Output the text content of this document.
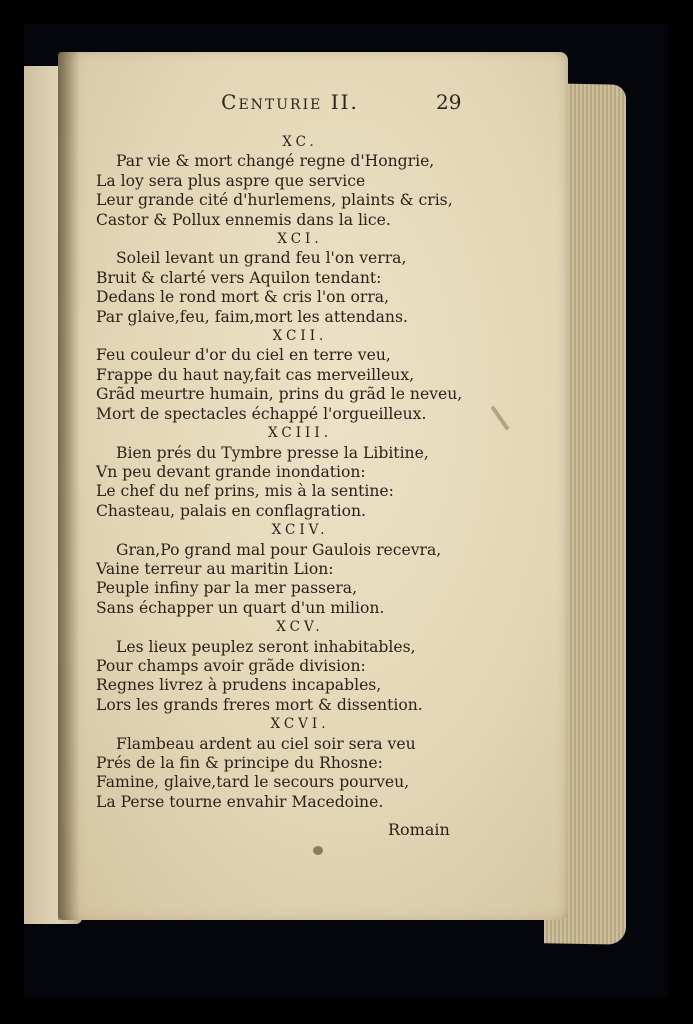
Centurie II.	29
XC.
Par vie & mort changé regne d'Hongrie,
La loy sera plus aspre que service
Leur grande cité d'hurlemens, plaints & cris,
Castor & Pollux ennemis dans la lice.
XCI.
Soleil levant un grand feu l'on verra,
Bruit & clarté vers Aquilon tendant:
Dedans le rond mort & cris l'on orra,
Par glaive,feu, faim,mort les attendans.
XCII.
Feu couleur d'or du ciel en terre veu,
Frappe du haut nay,fait cas merveilleux,
Grãd meurtre humain, prins du grãd le neveu,
Mort de spectacles échappé l'orgueilleux.
XCIII.
Bien prés du Tymbre presse la Libitine,
Vn peu devant grande inondation:
Le chef du nef prins, mis à la sentine:
Chasteau, palais en conflagration.
XCIV.
Gran,Po grand mal pour Gaulois recevra,
Vaine terreur au maritin Lion:
Peuple infiny par la mer passera,
Sans échapper un quart d'un milion.
XCV.
Les lieux peuplez seront inhabitables,
Pour champs avoir grãde division:
Regnes livrez à prudens incapables,
Lors les grands freres mort & dissention.
XCVI.
Flambeau ardent au ciel soir sera veu
Prés de la fin & principe du Rhosne:
Famine, glaive,tard le secours pourveu,
La Perse tourne envahir Macedoine.
Romain
